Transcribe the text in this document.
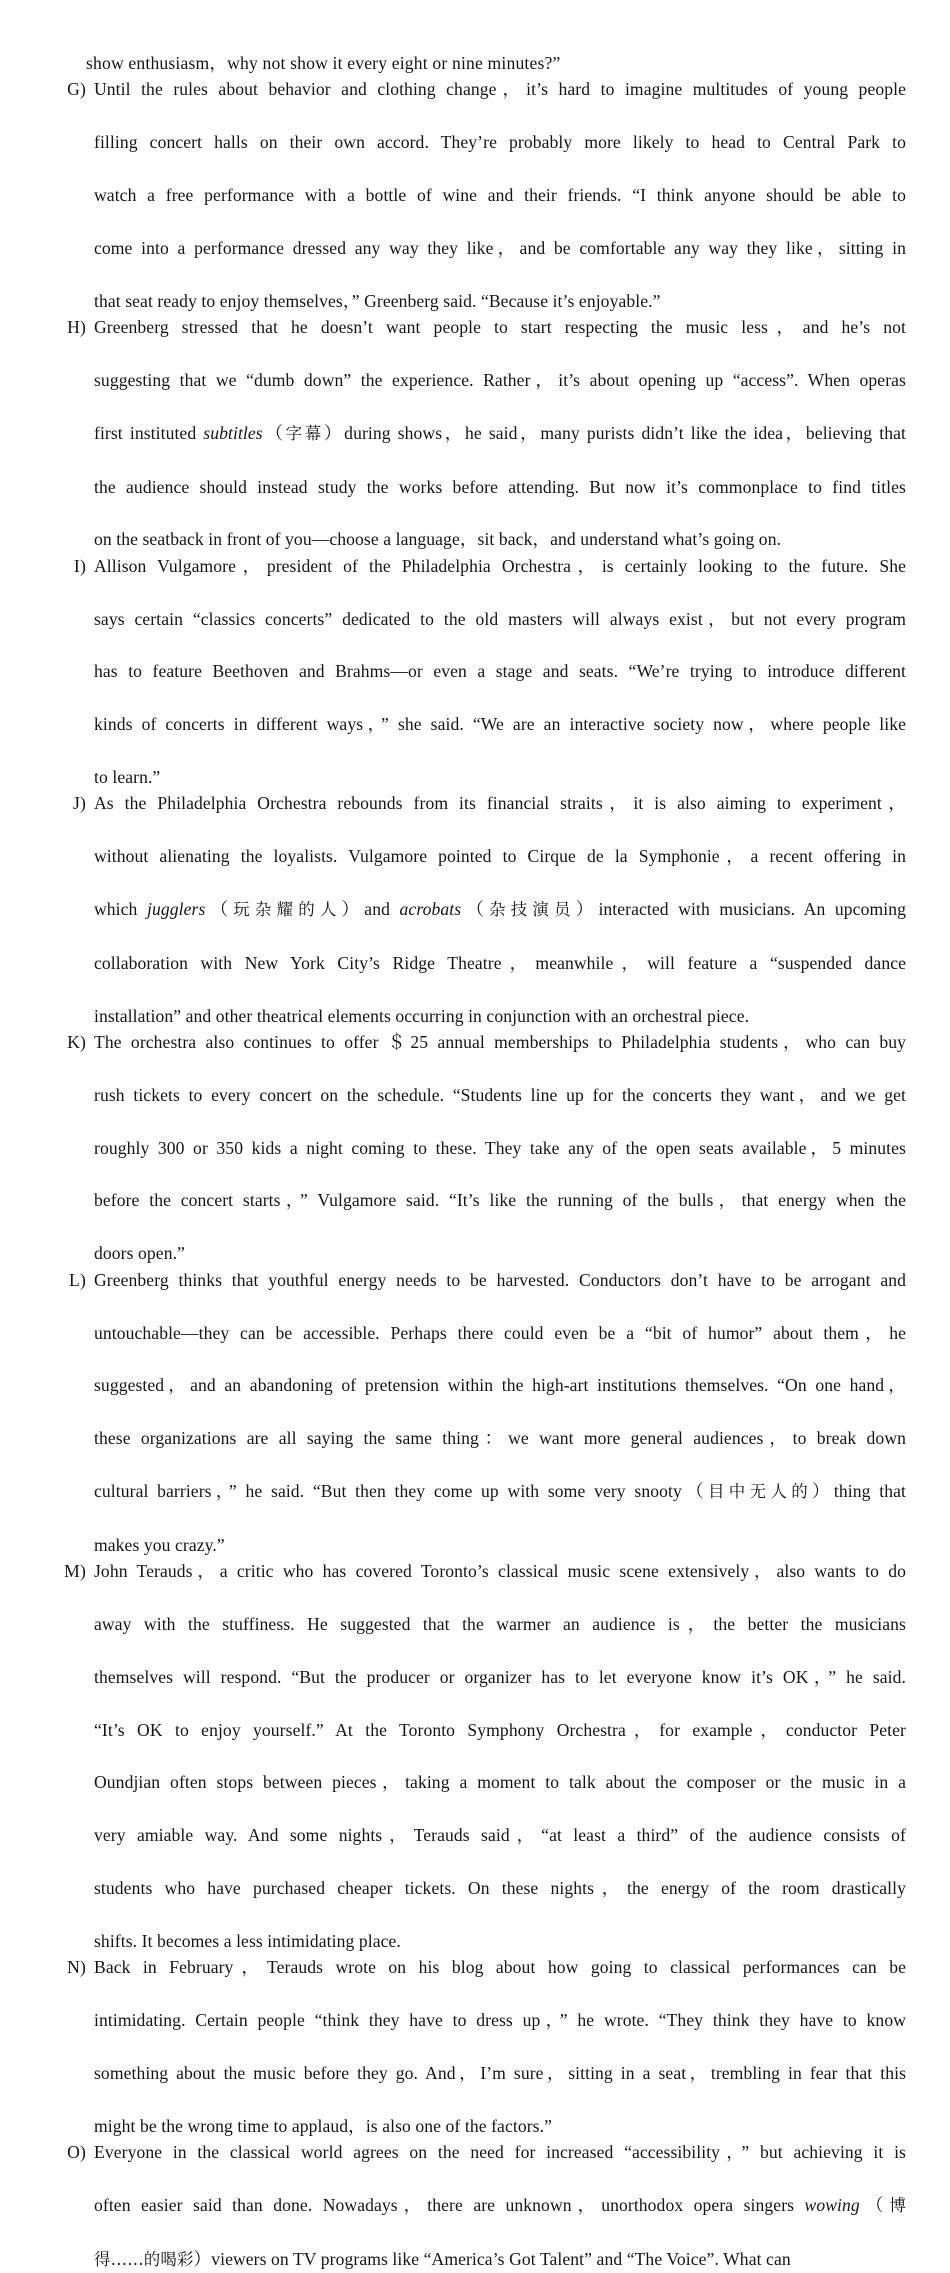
show enthusiasm，why not show it every eight or nine minutes?”
G) Until the rules about behavior and clothing change，it’s hard to imagine multitudes of young people
filling concert halls on their own accord. They’re probably more likely to head to Central Park to
watch a free performance with a bottle of wine and their friends. “I think anyone should be able to
come into a performance dressed any way they like，and be comfortable any way they like，sitting in
that seat ready to enjoy themselves，” Greenberg said. “Because it’s enjoyable.”
H) Greenberg stressed that he doesn’t want people to start respecting the music less，and he’s not
suggesting that we “dumb down” the experience. Rather，it’s about opening up “access”. When operas
first instituted subtitles（字幕）during shows，he said，many purists didn’t like the idea，believing that
the audience should instead study the works before attending. But now it’s commonplace to find titles
on the seatback in front of you—choose a language，sit back，and understand what’s going on.
I) Allison Vulgamore，president of the Philadelphia Orchestra，is certainly looking to the future. She
says certain “classics concerts” dedicated to the old masters will always exist，but not every program
has to feature Beethoven and Brahms—or even a stage and seats. “We’re trying to introduce different
kinds of concerts in different ways，” she said. “We are an interactive society now，where people like
to learn.”
J) As the Philadelphia Orchestra rebounds from its financial straits，it is also aiming to experiment，
without alienating the loyalists. Vulgamore pointed to Cirque de la Symphonie，a recent offering in
which jugglers（玩杂耀的人）and acrobats（杂技演员）interacted with musicians. An upcoming
collaboration with New York City’s Ridge Theatre，meanwhile，will feature a “suspended dance
installation” and other theatrical elements occurring in conjunction with an orchestral piece.
K) The orchestra also continues to offer ＄25 annual memberships to Philadelphia students，who can buy
rush tickets to every concert on the schedule. “Students line up for the concerts they want，and we get
roughly 300 or 350 kids a night coming to these. They take any of the open seats available，5 minutes
before the concert starts，” Vulgamore said. “It’s like the running of the bulls，that energy when the
doors open.”
L) Greenberg thinks that youthful energy needs to be harvested. Conductors don’t have to be arrogant and
untouchable—they can be accessible. Perhaps there could even be a “bit of humor” about them，he
suggested，and an abandoning of pretension within the high-art institutions themselves. “On one hand，
these organizations are all saying the same thing：we want more general audiences，to break down
cultural barriers，” he said. “But then they come up with some very snooty（目中无人的）thing that
makes you crazy.”
M) John Terauds，a critic who has covered Toronto’s classical music scene extensively，also wants to do
away with the stuffiness. He suggested that the warmer an audience is，the better the musicians
themselves will respond. “But the producer or organizer has to let everyone know it’s OK，” he said.
“It’s OK to enjoy yourself.” At the Toronto Symphony Orchestra，for example，conductor Peter
Oundjian often stops between pieces，taking a moment to talk about the composer or the music in a
very amiable way. And some nights，Terauds said，“at least a third” of the audience consists of
students who have purchased cheaper tickets. On these nights，the energy of the room drastically
shifts. It becomes a less intimidating place.
N) Back in February，Terauds wrote on his blog about how going to classical performances can be
intimidating. Certain people “think they have to dress up，” he wrote. “They think they have to know
something about the music before they go. And，I’m sure，sitting in a seat，trembling in fear that this
might be the wrong time to applaud，is also one of the factors.”
O) Everyone in the classical world agrees on the need for increased “accessibility，” but achieving it is
often easier said than done. Nowadays，there are unknown，unorthodox opera singers wowing（博
得……的喝彩）viewers on TV programs like “America’s Got Talent” and “The Voice”. What can
